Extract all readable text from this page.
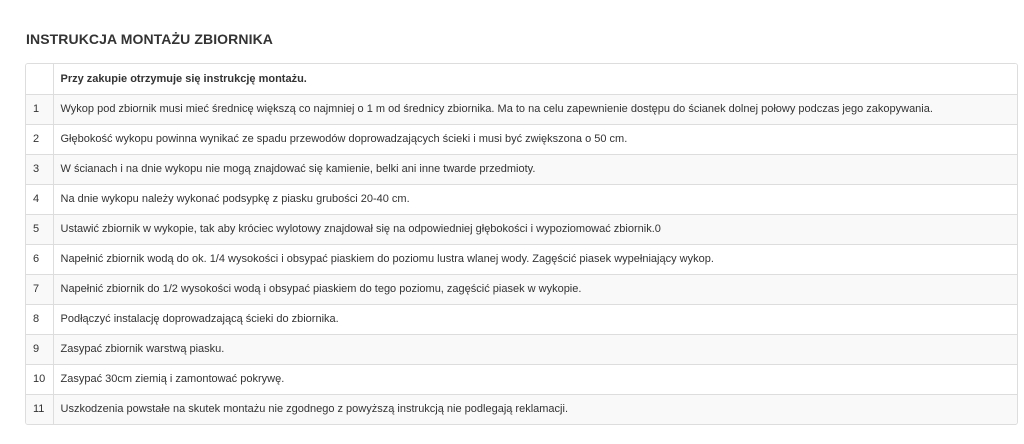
INSTRUKCJA MONTAŻU ZBIORNIKA
	Przy zakupie otrzymuje się instrukcję montażu.
1	Wykop pod zbiornik musi mieć średnicę większą co najmniej o 1 m od średnicy zbiornika. Ma to na celu zapewnienie dostępu do ścianek dolnej połowy podczas jego zakopywania.
2	Głębokość wykopu powinna wynikać ze spadu przewodów doprowadzających ścieki i musi być zwiększona o 50 cm.
3	W ścianach i na dnie wykopu nie mogą znajdować się kamienie, belki ani inne twarde przedmioty.
4	Na dnie wykopu należy wykonać podsypkę z piasku grubości 20-40 cm.
5	Ustawić zbiornik w wykopie, tak aby króciec wylotowy znajdował się na odpowiedniej głębokości i wypoziomować zbiornik.0
6	Napełnić zbiornik wodą do ok. 1/4 wysokości i obsypać piaskiem do poziomu lustra wlanej wody. Zagęścić piasek wypełniający wykop.
7	Napełnić zbiornik do 1/2 wysokości wodą i obsypać piaskiem do tego poziomu, zagęścić piasek w wykopie.
8	Podłączyć instalację doprowadzającą ścieki do zbiornika.
9	Zasypać zbiornik warstwą piasku.
10	Zasypać 30cm ziemią i zamontować pokrywę.
11	Uszkodzenia powstałe na skutek montażu nie zgodnego z powyższą instrukcją nie podlegają reklamacji.
